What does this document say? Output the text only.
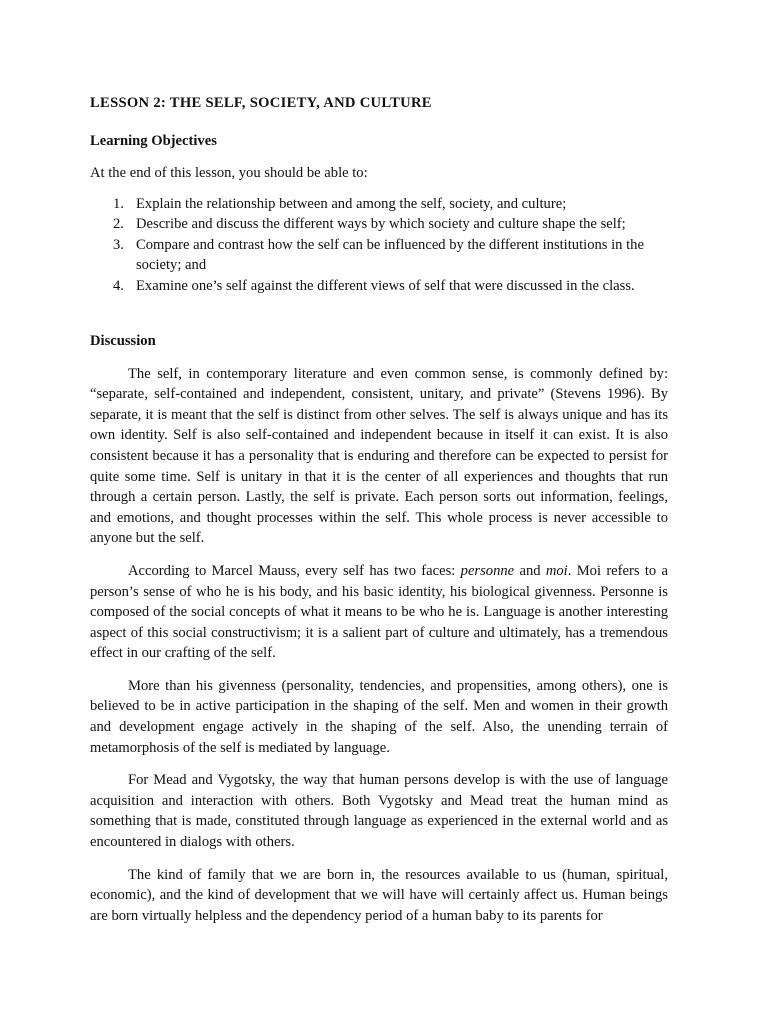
LESSON 2: THE SELF, SOCIETY, AND CULTURE
Learning Objectives
At the end of this lesson, you should be able to:
1. Explain the relationship between and among the self, society, and culture;
2. Describe and discuss the different ways by which society and culture shape the self;
3. Compare and contrast how the self can be influenced by the different institutions in the society; and
4. Examine one’s self against the different views of self that were discussed in the class.
Discussion

The self, in contemporary literature and even common sense, is commonly defined by: “separate, self-contained and independent, consistent, unitary, and private” (Stevens 1996). By separate, it is meant that the self is distinct from other selves. The self is always unique and has its own identity. Self is also self-contained and independent because in itself it can exist. It is also consistent because it has a personality that is enduring and therefore can be expected to persist for quite some time. Self is unitary in that it is the center of all experiences and thoughts that run through a certain person. Lastly, the self is private. Each person sorts out information, feelings, and emotions, and thought processes within the self. This whole process is never accessible to anyone but the self.

According to Marcel Mauss, every self has two faces: personne and moi. Moi refers to a person’s sense of who he is his body, and his basic identity, his biological givenness. Personne is composed of the social concepts of what it means to be who he is. Language is another interesting aspect of this social constructivism; it is a salient part of culture and ultimately, has a tremendous effect in our crafting of the self.

More than his givenness (personality, tendencies, and propensities, among others), one is believed to be in active participation in the shaping of the self. Men and women in their growth and development engage actively in the shaping of the self. Also, the unending terrain of metamorphosis of the self is mediated by language.

For Mead and Vygotsky, the way that human persons develop is with the use of language acquisition and interaction with others. Both Vygotsky and Mead treat the human mind as something that is made, constituted through language as experienced in the external world and as encountered in dialogs with others.

The kind of family that we are born in, the resources available to us (human, spiritual, economic), and the kind of development that we will have will certainly affect us. Human beings are born virtually helpless and the dependency period of a human baby to its parents for
